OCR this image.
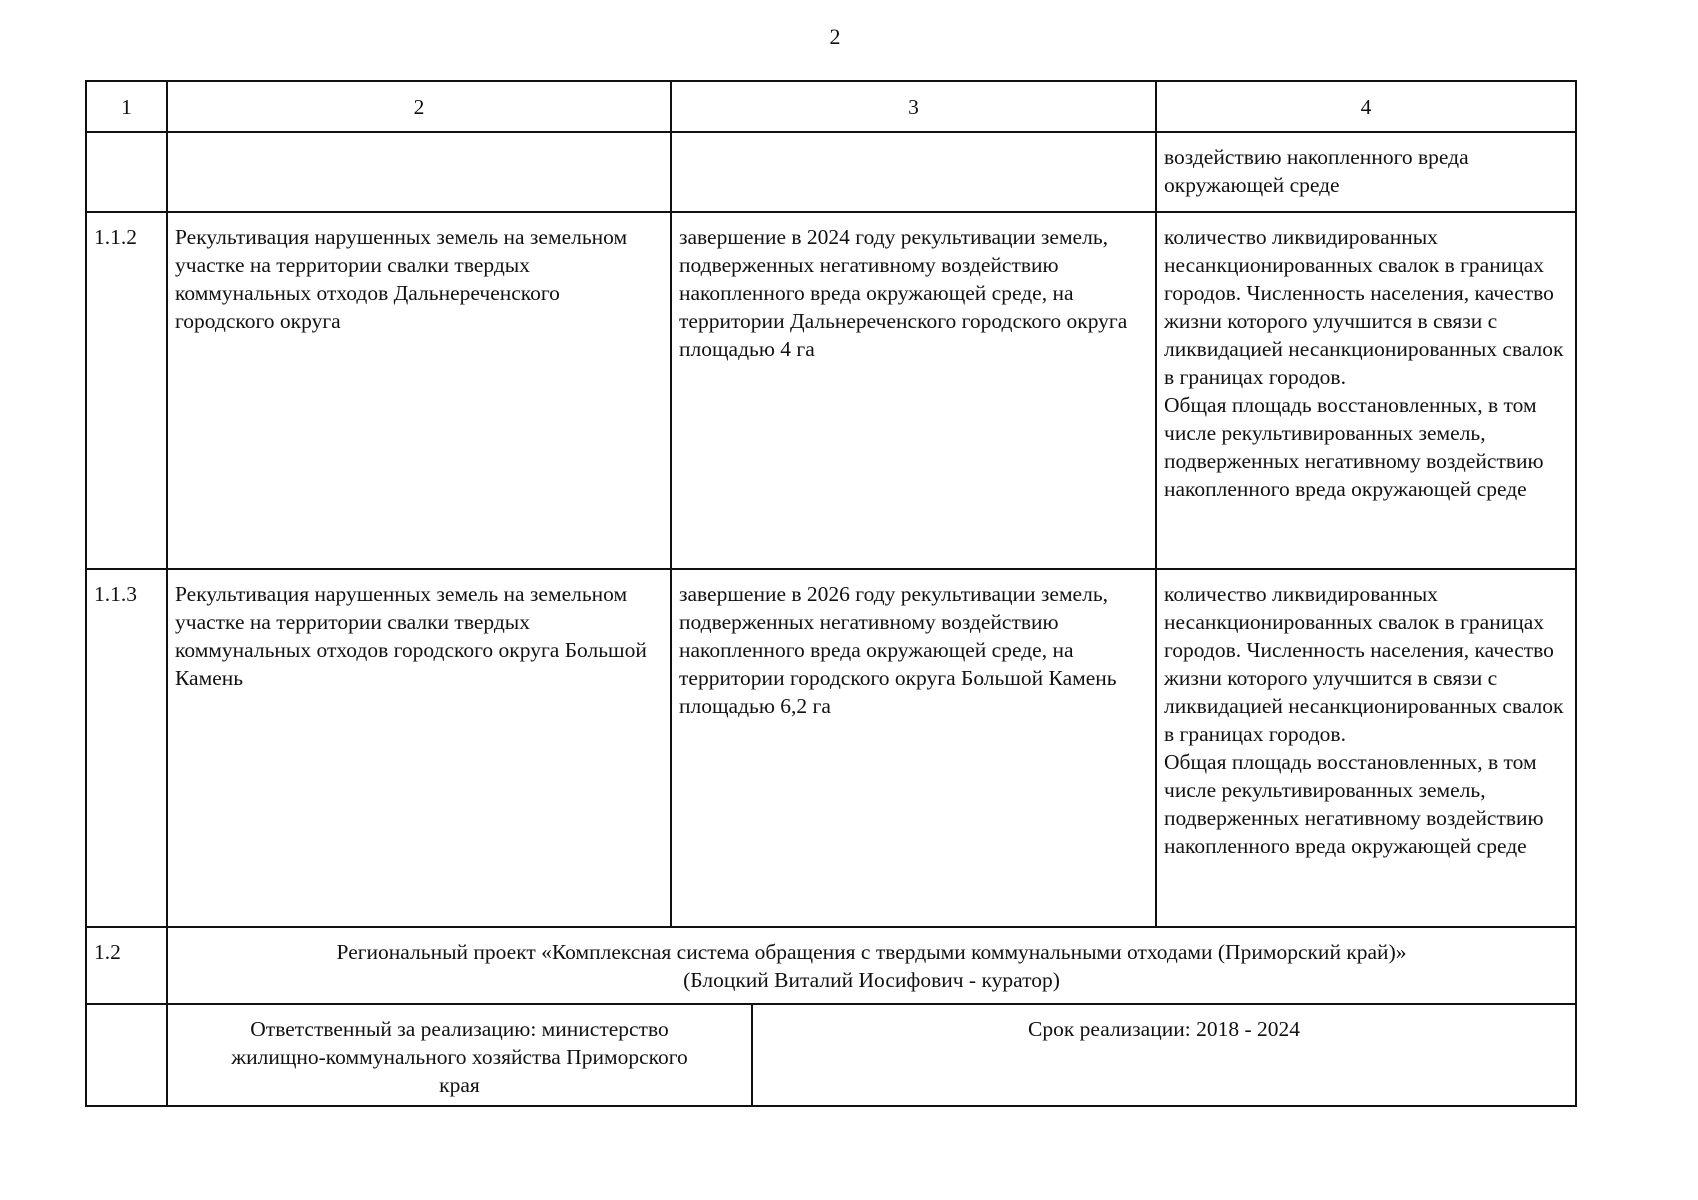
2
1	2	3		4
				воздействию накопленного вреда окружающей среде
1.1.2	Рекультивация нарушенных земель на земельном участке на территории свалки твердых коммунальных отходов Дальнереченского городского округа	завершение в 2024 году рекультивации земель, подверженных негативному воздействию накопленного вреда окружающей среде, на территории Дальнереченского городского округа площадью 4 га		количество ликвидированных несанкционированных свалок в границах городов. Численность населения, качество жизни которого улучшится в связи с ликвидацией несанкционированных свалок в границах городов.
Общая площадь восстановленных, в том числе рекультивированных земель, подверженных негативному воздействию накопленного вреда окружающей среде

1.1.3	Рекультивация нарушенных земель на земельном участке на территории свалки твердых коммунальных отходов городского округа Большой Камень	завершение в 2026 году рекультивации земель, подверженных негативному воздействию накопленного вреда окружающей среде, на территории городского округа Большой Камень площадью 6,2 га		количество ликвидированных несанкционированных свалок в границах городов. Численность населения, качество жизни которого улучшится в связи с ликвидацией несанкционированных свалок в границах городов.
Общая площадь восстановленных, в том числе рекультивированных земель, подверженных негативному воздействию накопленного вреда окружающей среде

1.2	Региональный проект «Комплексная система обращения с твердыми коммунальными отходами (Приморский край)»
(Блоцкий Виталий Иосифович - куратор)			

	Ответственный за реализацию: министерство жилищно-коммунального хозяйства Приморского края		Срок реализации: 2018 - 2024	
